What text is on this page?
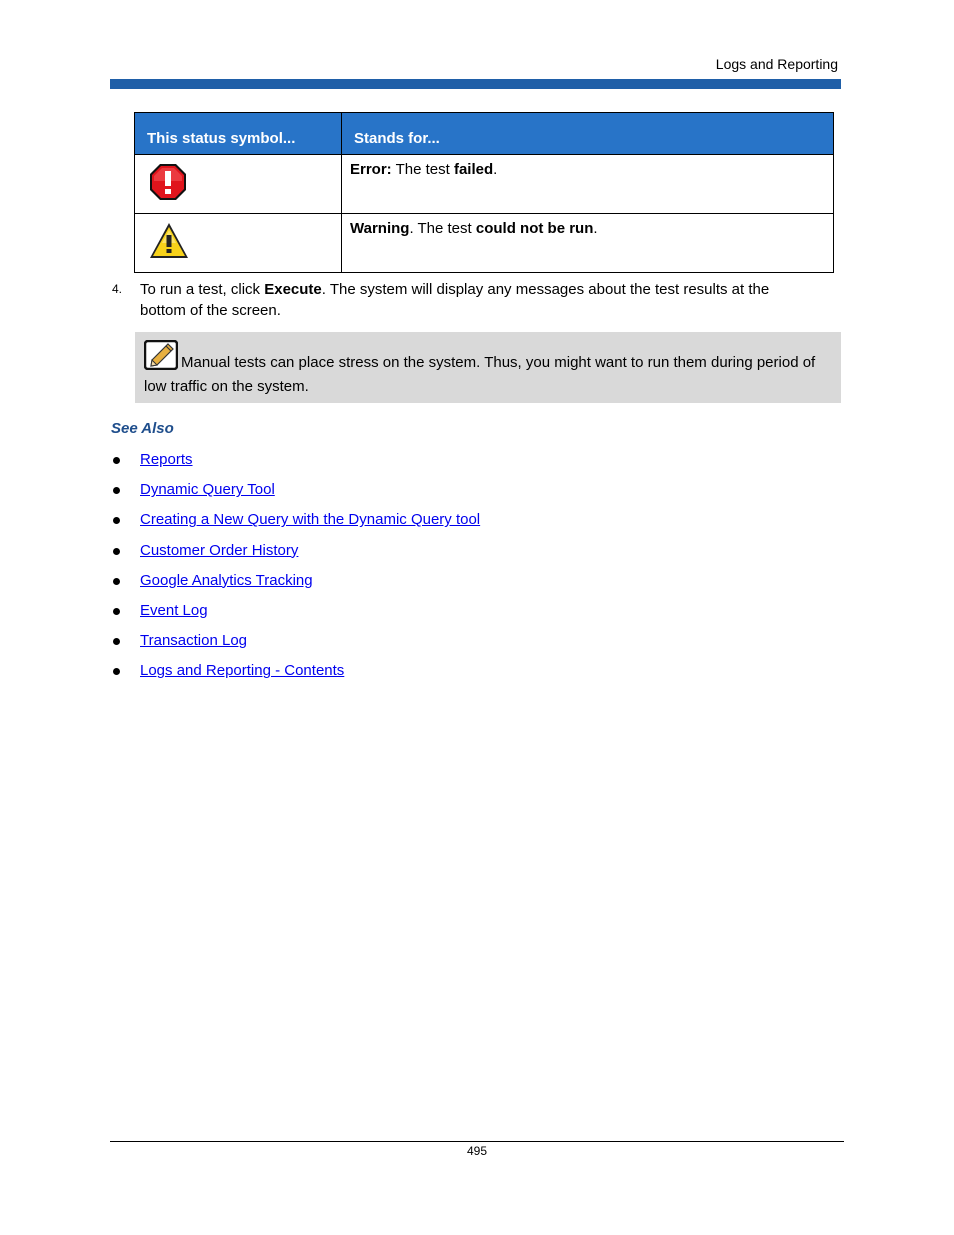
Logs and Reporting
This status symbol...	Stands for...
	Error: The test failed.
	Warning. The test could not be run.
4. To run a test, click Execute. The system will display any messages about the test results at the bottom of the screen.
Manual tests can place stress on the system. Thus, you might want to run them during period of low traffic on the system.
See Also
Reports
Dynamic Query Tool
Creating a New Query with the Dynamic Query tool
Customer Order History
Google Analytics Tracking
Event Log
Transaction Log
Logs and Reporting - Contents
495
